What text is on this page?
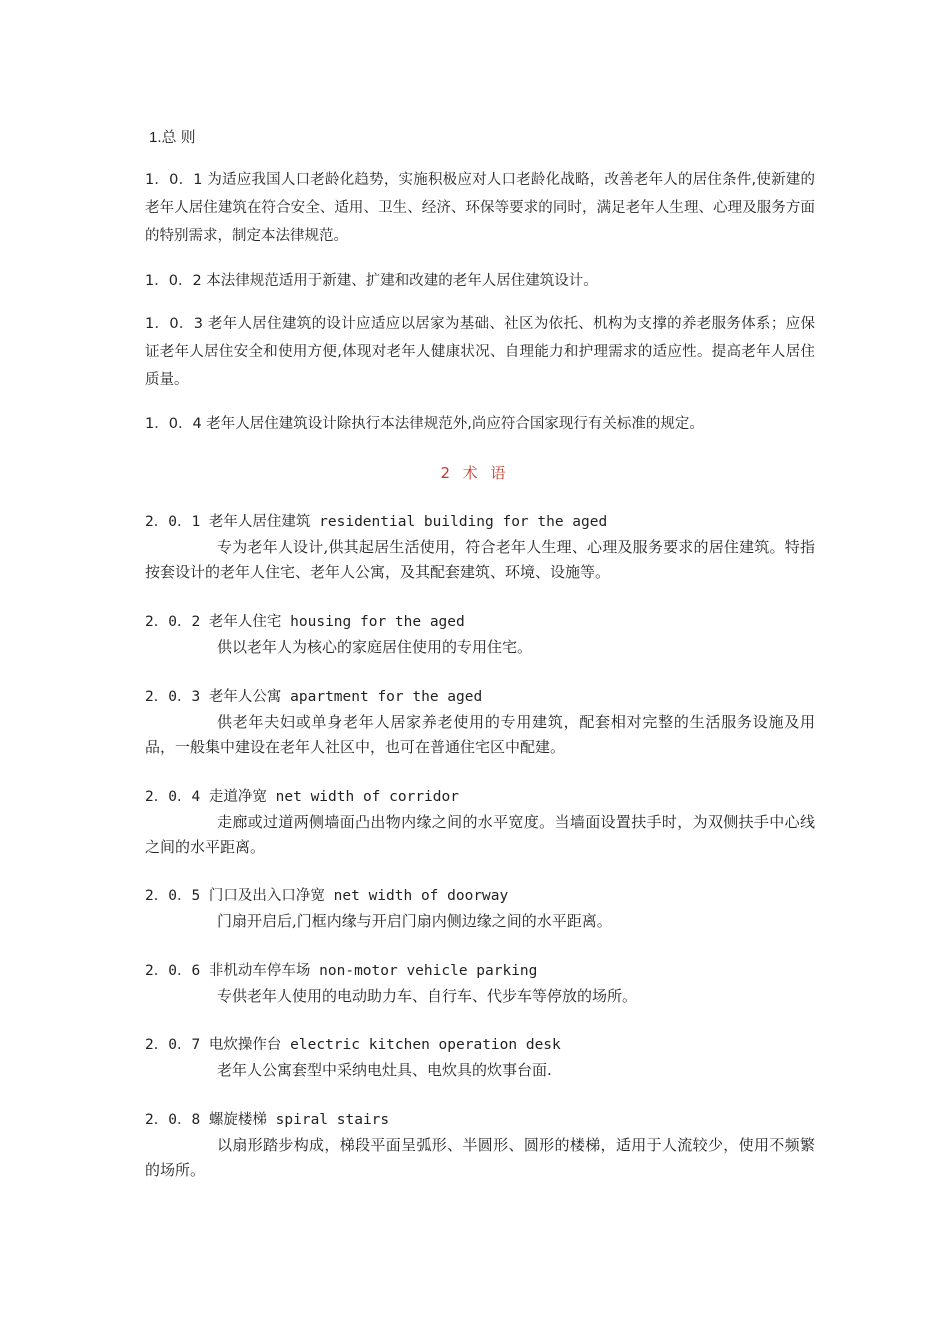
1.总 则

1．0．1 为适应我国人口老龄化趋势，实施积极应对人口老龄化战略，改善老年人的居住条件,使新建的老年人居住建筑在符合安全、适用、卫生、经济、环保等要求的同时，满足老年人生理、心理及服务方面的特别需求，制定本法律规范。

1．0．2 本法律规范适用于新建、扩建和改建的老年人居住建筑设计。

1．0．3 老年人居住建筑的设计应适应以居家为基础、社区为依托、机构为支撑的养老服务体系；应保证老年人居住安全和使用方便,体现对老年人健康状况、自理能力和护理需求的适应性。提高老年人居住质量。

1．0．4 老年人居住建筑设计除执行本法律规范外,尚应符合国家现行有关标准的规定。

2 术 语
2．0．1 老年人居住建筑 residential building for the aged

专为老年人设计,供其起居生活使用，符合老年人生理、心理及服务要求的居住建筑。特指按套设计的老年人住宅、老年人公寓，及其配套建筑、环境、设施等。

2．0．2 老年人住宅 housing for the aged

供以老年人为核心的家庭居住使用的专用住宅。

2．0．3 老年人公寓 apartment for the aged

供老年夫妇或单身老年人居家养老使用的专用建筑，配套相对完整的生活服务设施及用品，一般集中建设在老年人社区中，也可在普通住宅区中配建。

2．0．4 走道净宽 net width of corridor

走廊或过道两侧墙面凸出物内缘之间的水平宽度。当墙面设置扶手时，为双侧扶手中心线之间的水平距离。

2．0．5 门口及出入口净宽 net width of doorway

门扇开启后,门框内缘与开启门扇内侧边缘之间的水平距离。

2．0．6 非机动车停车场 non-motor vehicle parking

专供老年人使用的电动助力车、自行车、代步车等停放的场所。

2．0．7 电炊操作台 electric kitchen operation desk

老年人公寓套型中采纳电灶具、电炊具的炊事台面.

2．0．8 螺旋楼梯 spiral stairs

以扇形踏步构成，梯段平面呈弧形、半圆形、圆形的楼梯，适用于人流较少，使用不频繁的场所。
